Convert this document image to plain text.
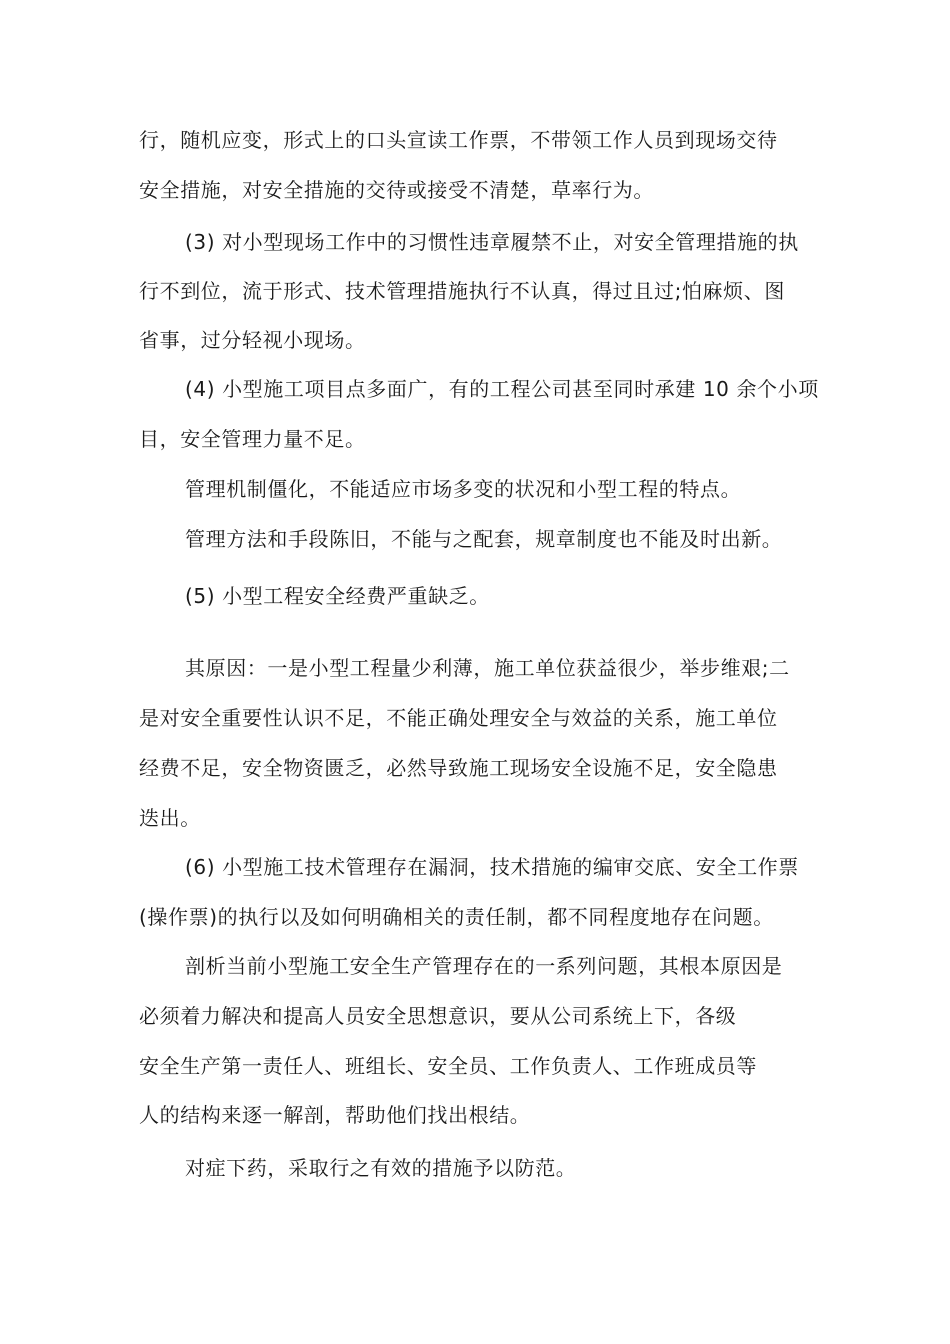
行，随机应变，形式上的口头宣读工作票，不带领工作人员到现场交待
安全措施，对安全措施的交待或接受不清楚，草率行为。
(3) 对小型现场工作中的习惯性违章履禁不止，对安全管理措施的执
行不到位，流于形式、技术管理措施执行不认真，得过且过;怕麻烦、图
省事，过分轻视小现场。
(4) 小型施工项目点多面广，有的工程公司甚至同时承建 10 余个小项
目，安全管理力量不足。
管理机制僵化，不能适应市场多变的状况和小型工程的特点。
管理方法和手段陈旧，不能与之配套，规章制度也不能及时出新。
(5) 小型工程安全经费严重缺乏。
其原因：一是小型工程量少利薄，施工单位获益很少，举步维艰;二
是对安全重要性认识不足，不能正确处理安全与效益的关系，施工单位
经费不足，安全物资匮乏，必然导致施工现场安全设施不足，安全隐患
迭出。
(6) 小型施工技术管理存在漏洞，技术措施的编审交底、安全工作票
(操作票)的执行以及如何明确相关的责任制，都不同程度地存在问题。
剖析当前小型施工安全生产管理存在的一系列问题，其根本原因是
必须着力解决和提高人员安全思想意识，要从公司系统上下，各级
安全生产第一责任人、班组长、安全员、工作负责人、工作班成员等
人的结构来逐一解剖，帮助他们找出根结。
对症下药，采取行之有效的措施予以防范。
